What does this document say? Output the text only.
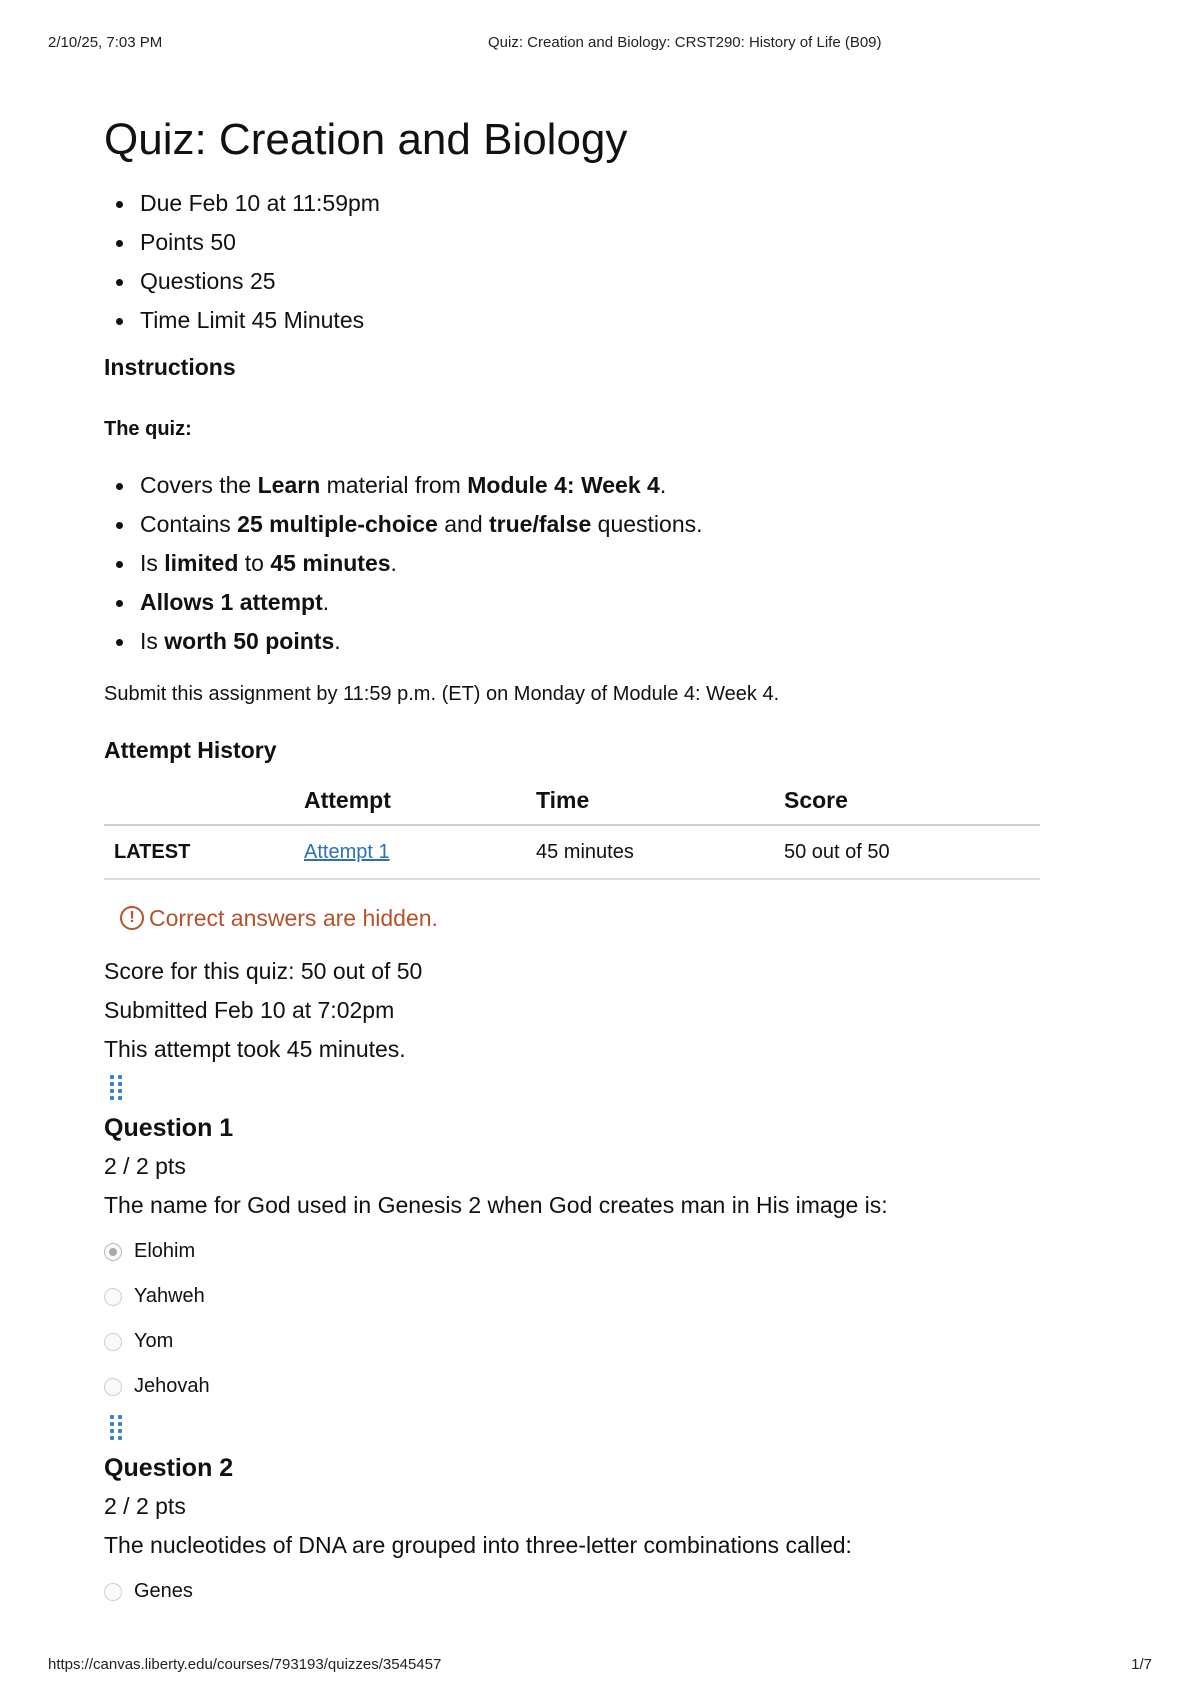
2/10/25, 7:03 PM	Quiz: Creation and Biology: CRST290: History of Life (B09)
Quiz: Creation and Biology
Due Feb 10 at 11:59pm
Points 50
Questions 25
Time Limit 45 Minutes
Instructions
The quiz:
Covers the Learn material from Module 4: Week 4.
Contains 25 multiple-choice and true/false questions.
Is limited to 45 minutes.
Allows 1 attempt.
Is worth 50 points.
Submit this assignment by 11:59 p.m. (ET) on Monday of Module 4: Week 4.
Attempt History
	Attempt	Time	Score
LATEST	Attempt 1	45 minutes	50 out of 50
! Correct answers are hidden.
Score for this quiz: 50 out of 50
Submitted Feb 10 at 7:02pm
This attempt took 45 minutes.
Question 1
2 / 2 pts
The name for God used in Genesis 2 when God creates man in His image is:
Elohim
Yahweh
Yom
Jehovah
Question 2
2 / 2 pts
The nucleotides of DNA are grouped into three-letter combinations called:
Genes
https://canvas.liberty.edu/courses/793193/quizzes/3545457	1/7
